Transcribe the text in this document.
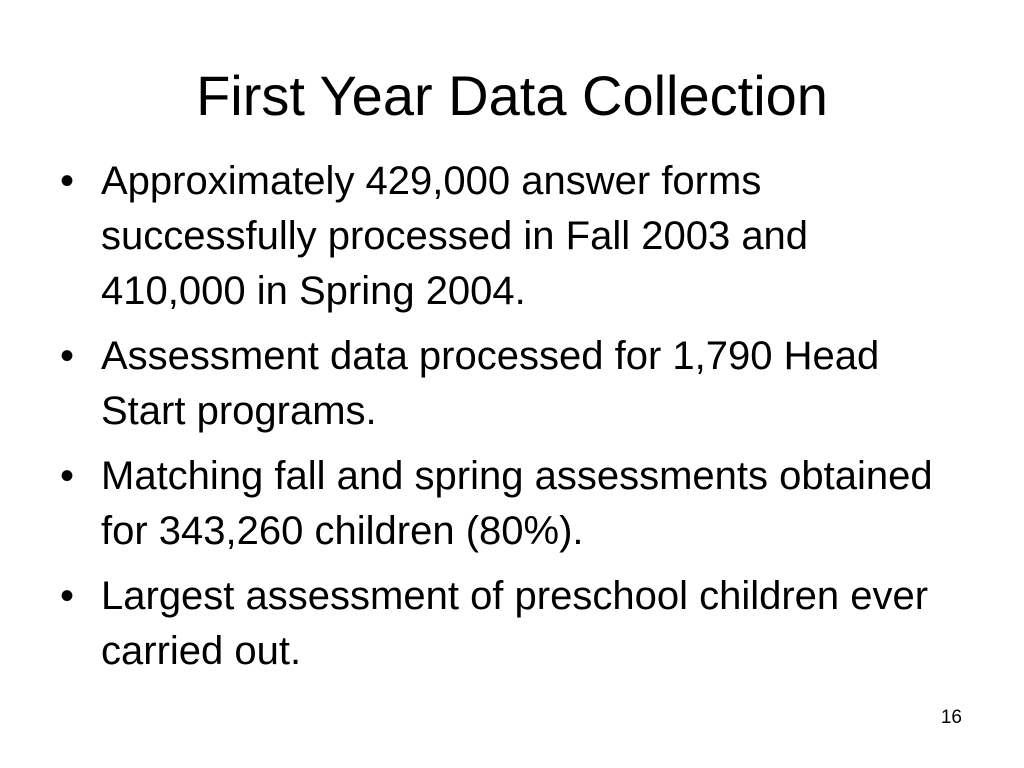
First Year Data Collection
• Approximately 429,000 answer forms successfully processed in Fall 2003 and 410,000 in Spring 2004.
• Assessment data processed for 1,790 Head Start programs.
• Matching fall and spring assessments obtained for 343,260 children (80%).
• Largest assessment of preschool children ever carried out.
16
